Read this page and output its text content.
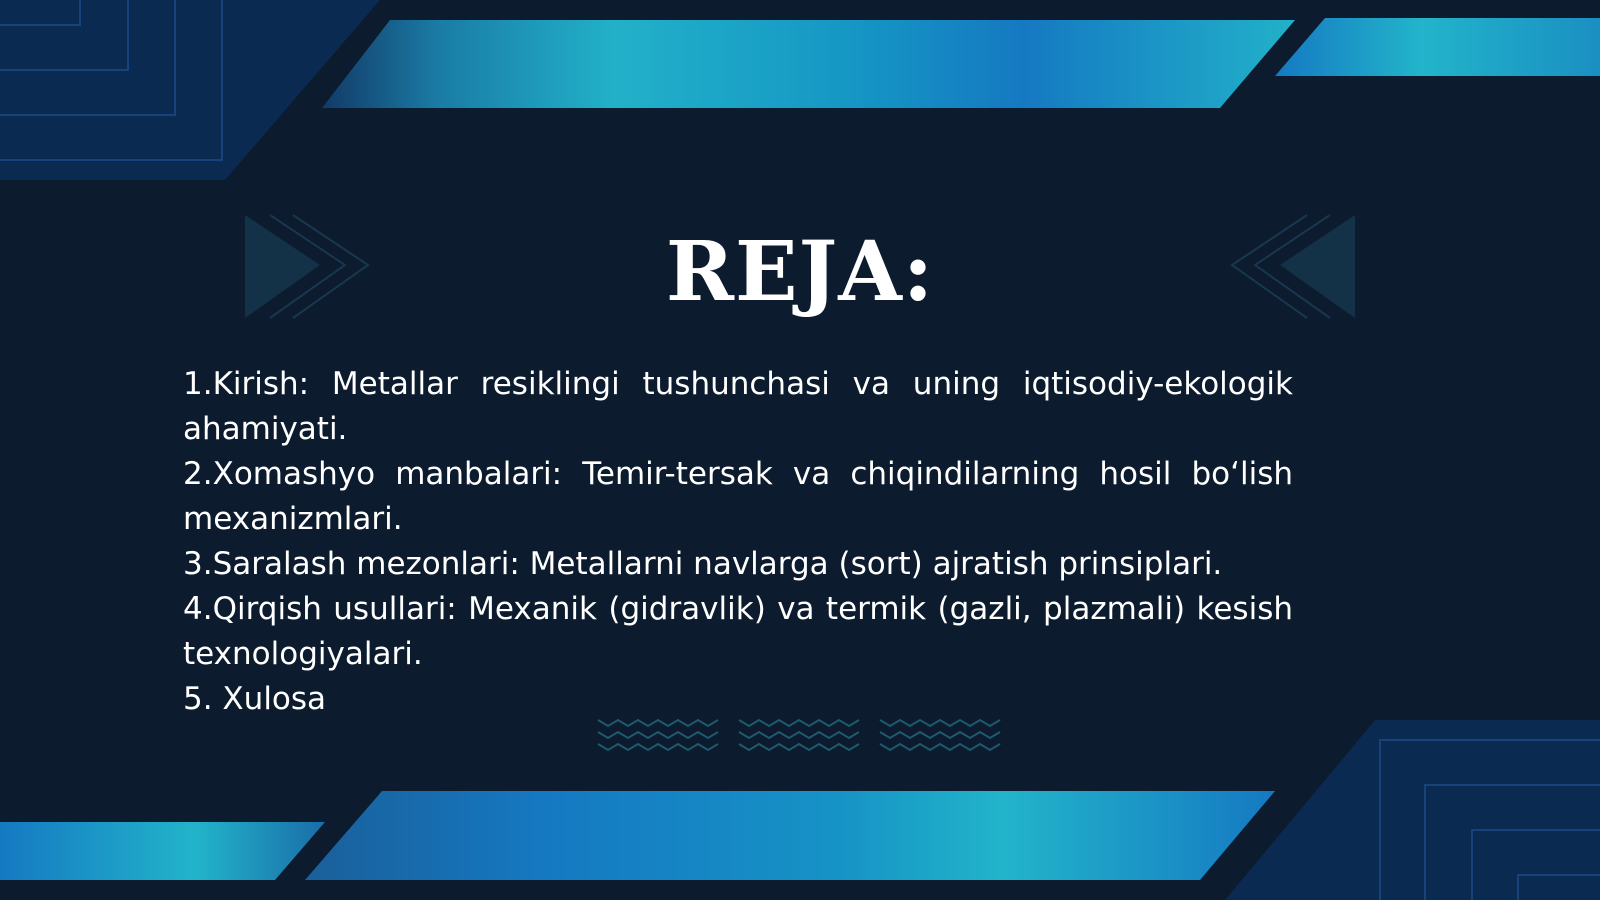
REJA:
1.Kirish: Metallar resiklingi tushunchasi va uning iqtisodiy-ekologik ahamiyati.
2.Xomashyo manbalari: Temir-tersak va chiqindilarning hosil bo‘lish mexanizmlari.
3.Saralash mezonlari: Metallarni navlarga (sort) ajratish prinsiplari.
4.Qirqish usullari: Mexanik (gidravlik) va termik (gazli, plazmali) kesish texnologiyalari.
5. Xulosa
